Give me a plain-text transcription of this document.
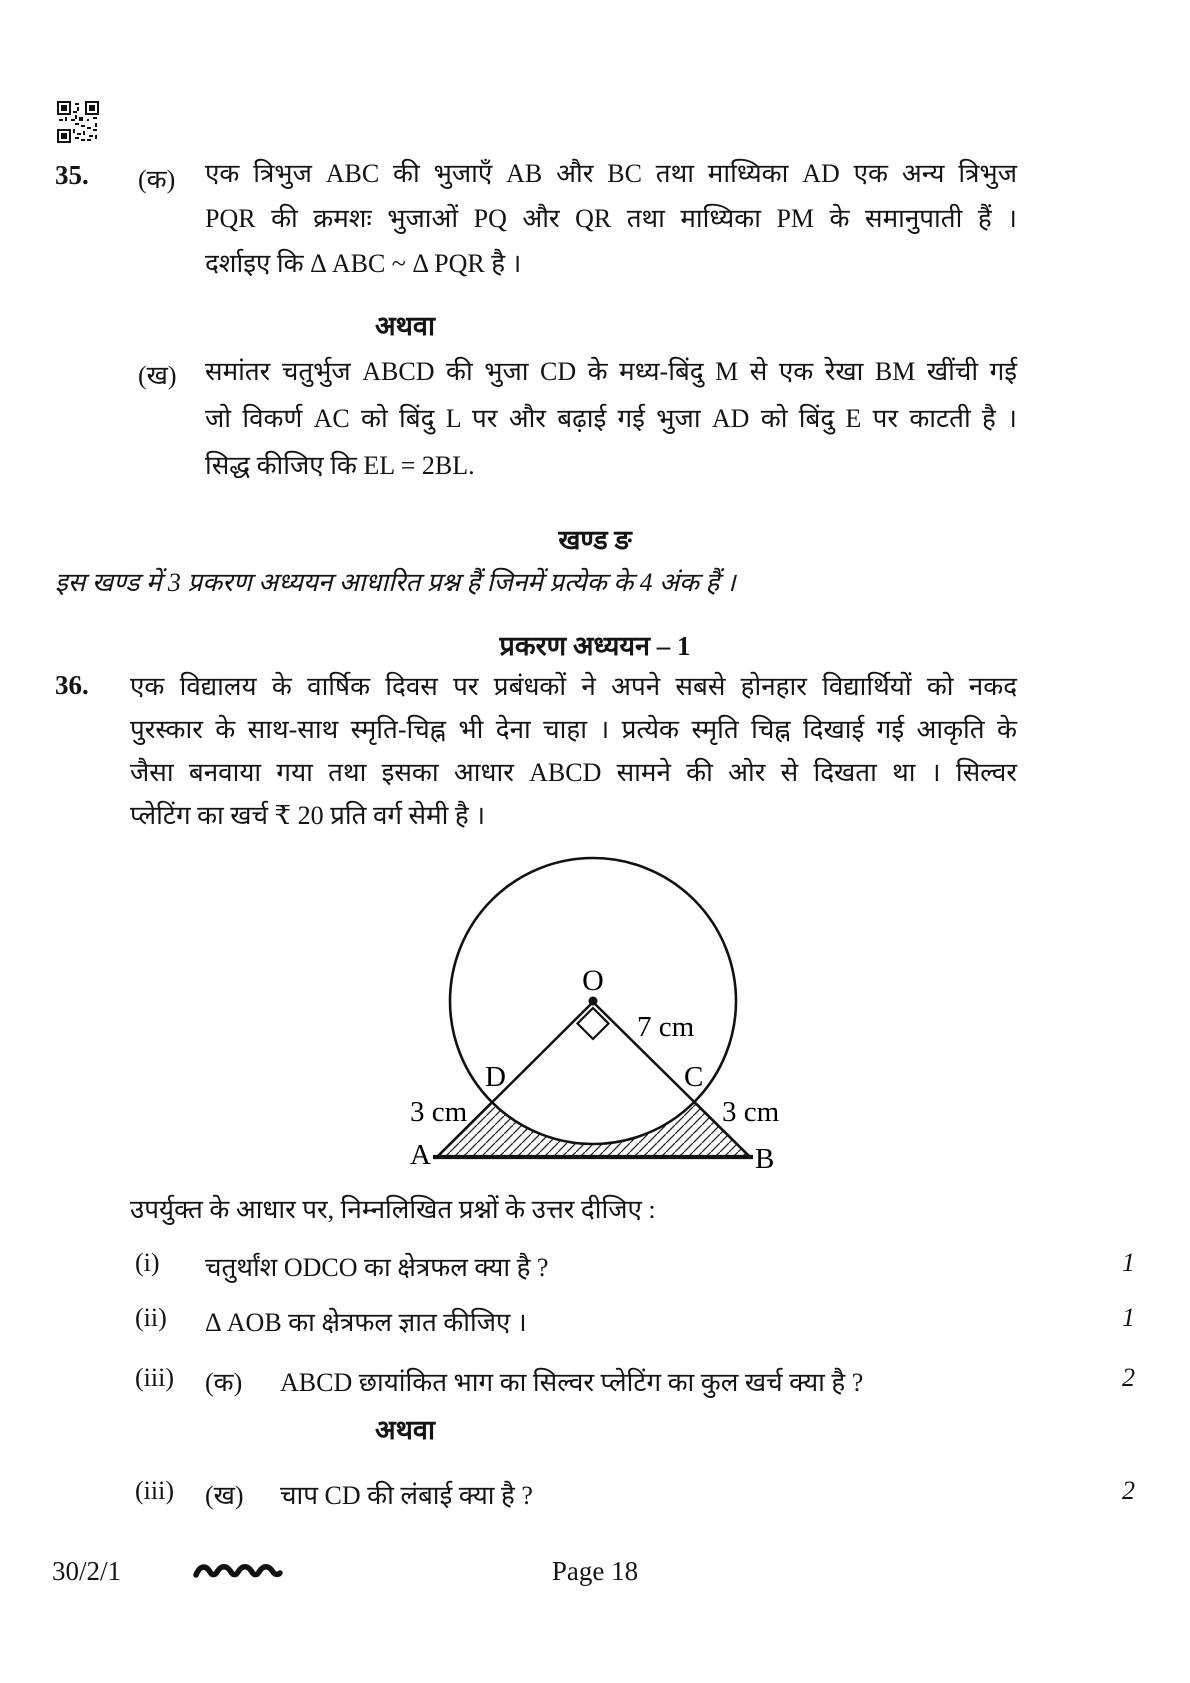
35. (क) एक त्रिभुज ABC की भुजाएँ AB और BC तथा माध्यिका AD एक अन्य त्रिभुज
PQR की क्रमशः भुजाओं PQ और QR तथा माध्यिका PM के समानुपाती हैं ।
दर्शाइए कि Δ ABC ~ Δ PQR है ।
अथवा
(ख) समांतर चतुर्भुज ABCD की भुजा CD के मध्य-बिंदु M से एक रेखा BM खींची गई
जो विकर्ण AC को बिंदु L पर और बढ़ाई गई भुजा AD को बिंदु E पर काटती है ।
सिद्ध कीजिए कि EL = 2BL.
खण्ड ङ
इस खण्ड में 3 प्रकरण अध्ययन आधारित प्रश्न हैं जिनमें प्रत्येक के 4 अंक हैं ।
प्रकरण अध्ययन – 1
36. एक विद्यालय के वार्षिक दिवस पर प्रबंधकों ने अपने सबसे होनहार विद्यार्थियों को नकद
पुरस्कार के साथ-साथ स्मृति-चिह्न भी देना चाहा । प्रत्येक स्मृति चिह्न दिखाई गई आकृति के
जैसा बनवाया गया तथा इसका आधार ABCD सामने की ओर से दिखता था । सिल्वर
प्लेटिंग का खर्च ₹ 20 प्रति वर्ग सेमी है ।
O
7 cm
D	C
3 cm	3 cm
A	B
उपर्युक्त के आधार पर, निम्नलिखित प्रश्नों के उत्तर दीजिए :
(i) चतुर्थांश ODCO का क्षेत्रफल क्या है ?	1
(ii) Δ AOB का क्षेत्रफल ज्ञात कीजिए ।	1
(iii) (क) ABCD छायांकित भाग का सिल्वर प्लेटिंग का कुल खर्च क्या है ?	2
अथवा
(iii) (ख) चाप CD की लंबाई क्या है ?	2
30/2/1	Page 18
